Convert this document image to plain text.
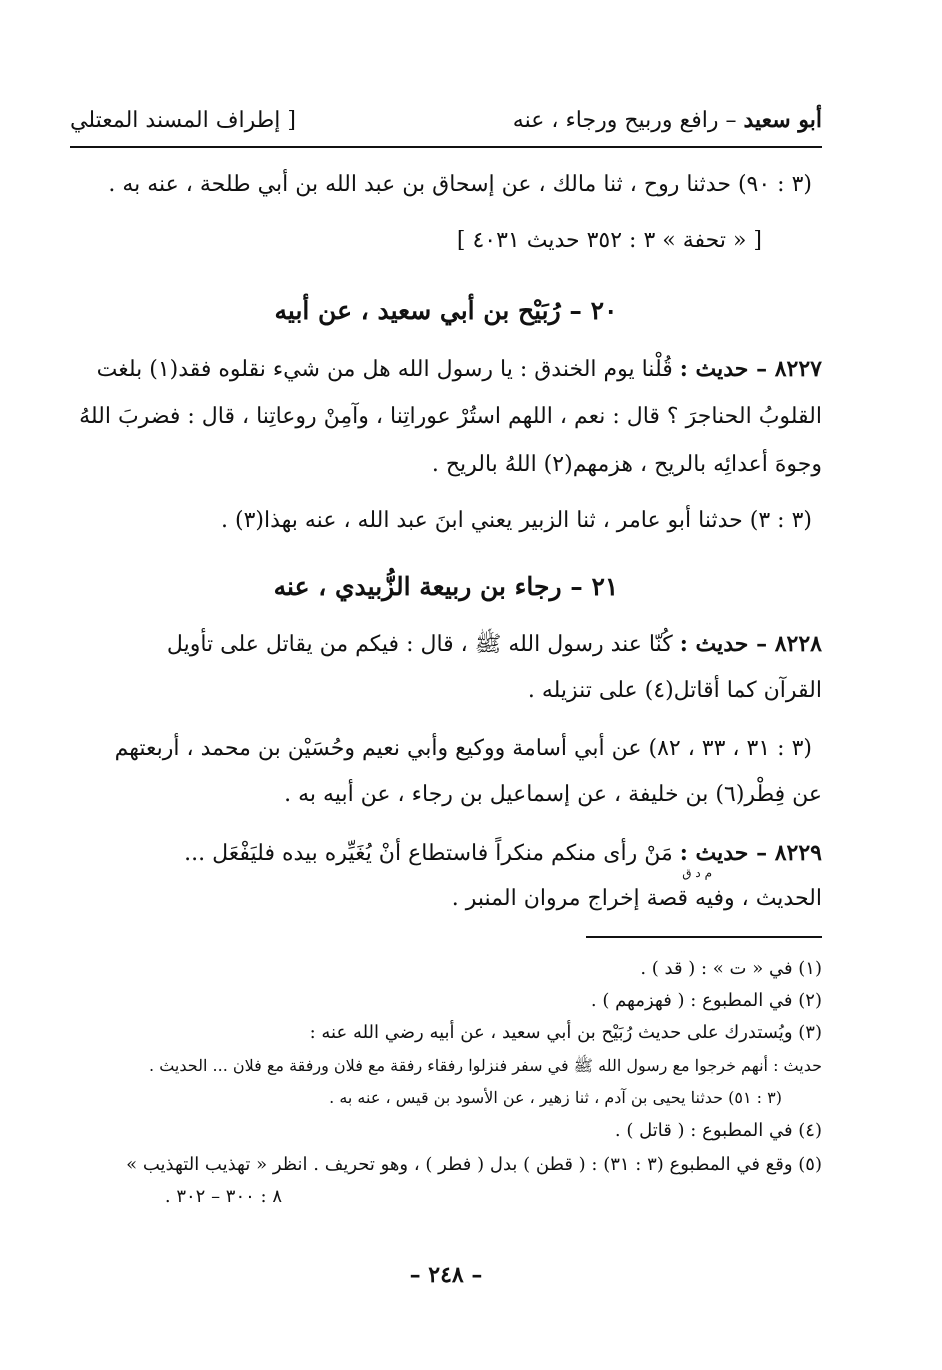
أبو سعيد – رافع وربيح ورجاء ، عنه
[ إطراف المسند المعتلي
(٣ : ٩٠) حدثنا روح ، ثنا مالك ، عن إسحاق بن عبد الله بن أبي طلحة ، عنه به .
[ « تحفة » ٣ : ٣٥٢ حديث ٤٠٣١ ]
٢٠ – رُبَيْح بن أبي سعيد ، عن أبيه
٨٢٢٧ – حديث : قُلْنا يوم الخندق : يا رسول الله هل من شيء نقلوه فقد(١) بلغت
القلوبُ الحناجرَ ؟ قال : نعم ، اللهم استُرْ عوراتِنا ، وآمِنْ روعاتِنا ، قال : فضربَ اللهُ
وجوهَ أعدائِه بالريح ، هزمهم(٢) اللهُ بالريح .
(٣ : ٣) حدثنا أبو عامر ، ثنا الزبير يعني ابنَ عبد الله ، عنه بهذا(٣) .
٢١ – رجاء بن ربيعة الزُّبيدي ، عنه
٨٢٢٨ – حديث : كُنّا عند رسول الله ﷺ ، قال : فيكم من يقاتل على تأويل
القرآن كما أقاتل(٤) على تنزيله .
(٣ : ٣١ ، ٣٣ ، ٨٢) عن أبي أسامة ووكيع وأبي نعيم وحُسَيْن بن محمد ، أربعتهم
عن فِطْر(٦) بن خليفة ، عن إسماعيل بن رجاء ، عن أبيه به .
٨٢٢٩ – حديث : مَنْ رأى منكم منكراً فاستطاع أنْ يُغَيِّره بيده فليَفْعَل ...
م د ق
الحديث ، وفيه قصة إخراج مروان المنبر .
(١) في « ت » : ( قد ) .
(٢) في المطبوع : ( فهزمهم ) .
(٣) ويُستدرك على حديث رُبَيْح بن أبي سعيد ، عن أبيه رضي الله عنه :
حديث : أنهم خرجوا مع رسول الله ﷺ في سفر فنزلوا رفقاء رفقة مع فلان ورفقة مع فلان ... الحديث .
(٣ : ٥١) حدثنا يحيى بن آدم ، ثنا زهير ، عن الأسود بن قيس ، عنه به .
(٤) في المطبوع : ( قاتل ) .
(٥) وقع في المطبوع (٣ : ٣١) : ( قطن ) بدل ( فطر ) ، وهو تحريف . انظر « تهذيب التهذيب »
٨ : ٣٠٠ – ٣٠٢ .
– ٢٤٨ –
